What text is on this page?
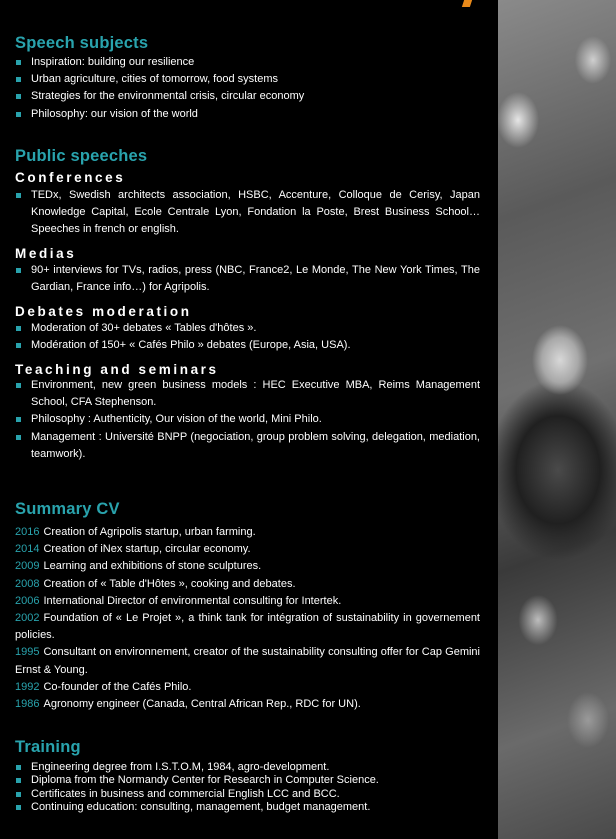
Speech subjects
Inspiration: building our resilience
Urban agriculture, cities of tomorrow, food systems
Strategies for the environmental crisis, circular economy
Philosophy: our vision of the world
Public speeches
Conferences
TEDx, Swedish architects association, HSBC, Accenture, Colloque de Cerisy, Japan Knowledge Capital, Ecole Centrale Lyon, Fondation la Poste, Brest Business School… Speeches in french or english.
Medias
90+ interviews for TVs, radios, press (NBC, France2, Le Monde, The New York Times, The Gardian, France info…) for Agripolis.
Debates moderation
Moderation of 30+ debates « Tables d'hôtes ».
Modération of 150+ « Cafés Philo » debates (Europe, Asia, USA).
Teaching and seminars
Environment, new green business models : HEC Executive MBA, Reims Management School, CFA Stephenson.
Philosophy : Authenticity, Our vision of the world, Mini Philo.
Management : Université BNPP (negociation, group problem solving, delegation, mediation, teamwork).
Summary CV
2016 Creation of Agripolis startup, urban farming.
2014 Creation of iNex startup, circular economy.
2009 Learning and exhibitions of stone sculptures.
2008 Creation of « Table d'Hôtes », cooking and debates.
2006 International Director of environmental consulting for Intertek.
2002 Foundation of « Le Projet », a think tank for intégration of sustainability in governement policies.
1995 Consultant on environnement, creator of the sustainability consulting offer for Cap Gemini Ernst & Young.
1992 Co-founder of the Cafés Philo.
1986 Agronomy engineer (Canada, Central African Rep., RDC for UN).
Training
Engineering degree from I.S.T.O.M, 1984, agro-development.
Diploma from the Normandy Center for Research in Computer Science.
Certificates in business and commercial English LCC and BCC.
Continuing education: consulting, management, budget management.
